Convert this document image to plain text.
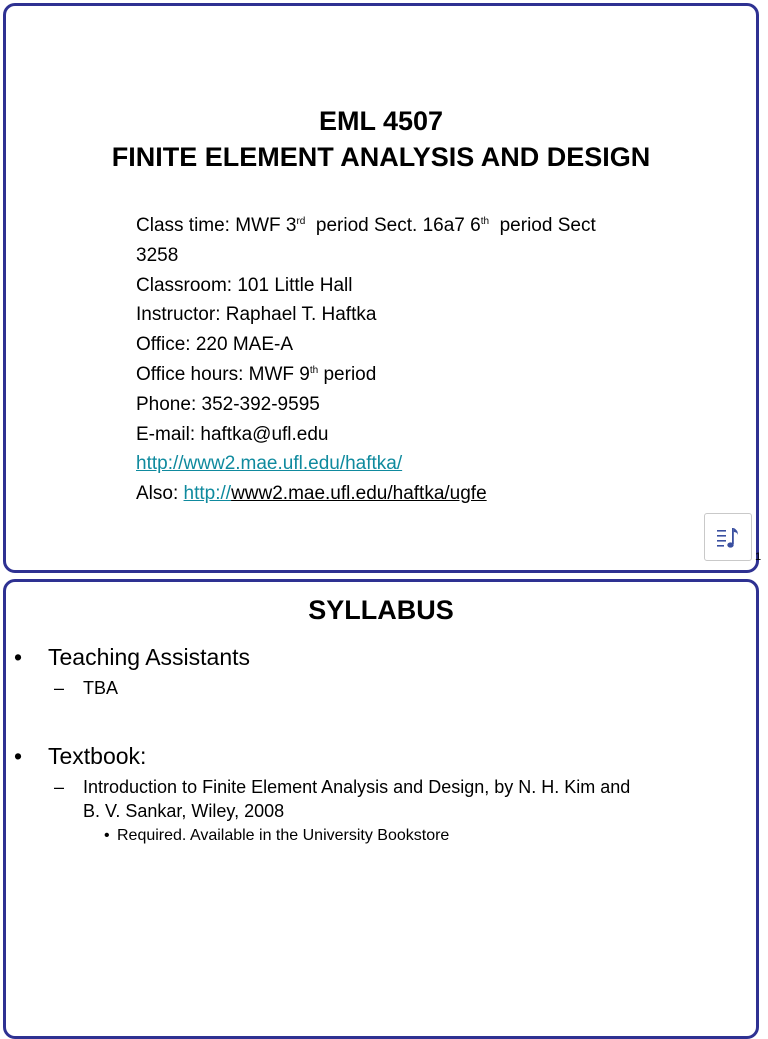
EML 4507
FINITE ELEMENT ANALYSIS AND DESIGN
Class time: MWF 3rd  period Sect. 16a7 6th  period Sect
3258
Classroom: 101 Little Hall
Instructor: Raphael T. Haftka
Office: 220 MAE-A
Office hours: MWF 9th period
Phone: 352-392-9595
E-mail: haftka@ufl.edu
http://www2.mae.ufl.edu/haftka/
Also: http://www2.mae.ufl.edu/haftka/ugfe
1
SYLLABUS
• Teaching Assistants
– TBA
• Textbook:
– Introduction to Finite Element Analysis and Design, by N. H. Kim and
B. V. Sankar, Wiley, 2008
• Required. Available in the University Bookstore
